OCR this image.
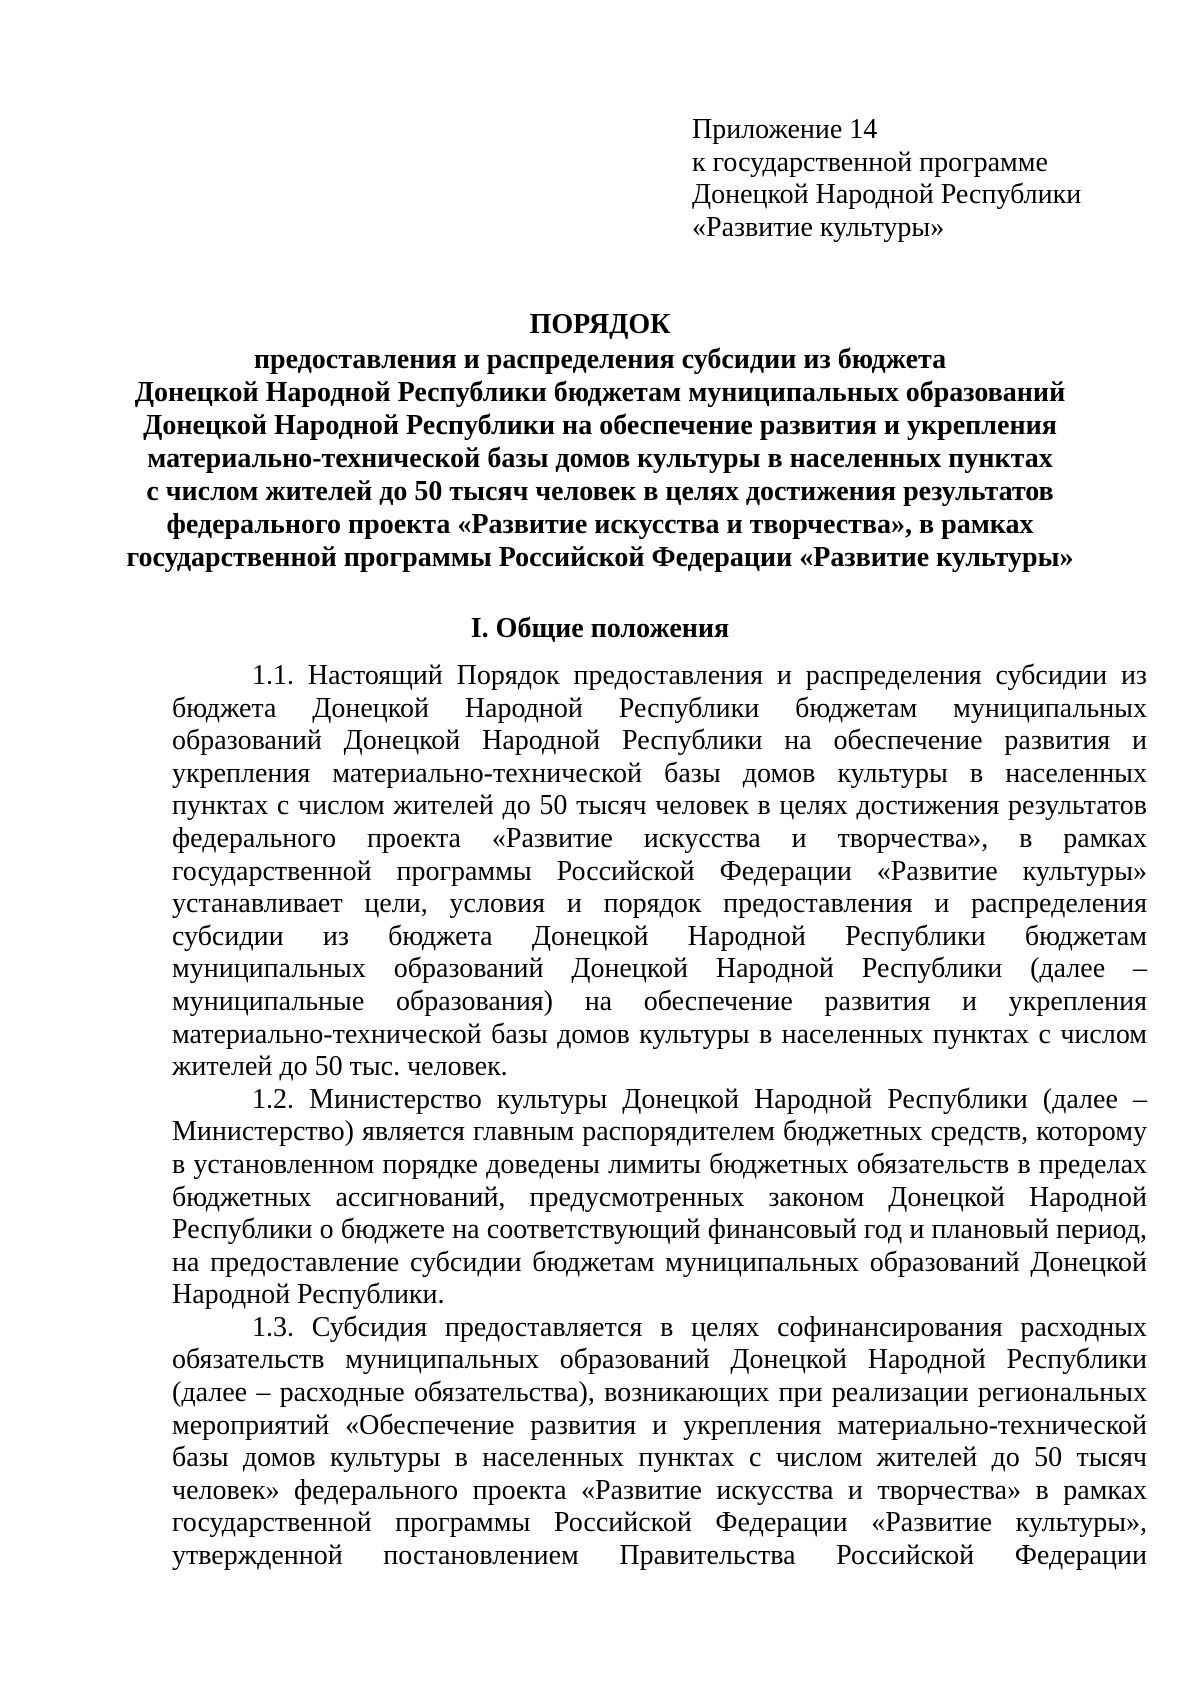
Приложение 14
к государственной программе
Донецкой Народной Республики
«Развитие культуры»
ПОРЯДОК
предоставления и распределения субсидии из бюджета
Донецкой Народной Республики бюджетам муниципальных образований
Донецкой Народной Республики на обеспечение развития и укрепления
материально-технической базы домов культуры в населенных пунктах
с числом жителей до 50 тысяч человек в целях достижения результатов
федерального проекта «Развитие искусства и творчества», в рамках
государственной программы Российской Федерации «Развитие культуры»
I. Общие положения

1.1. Настоящий Порядок предоставления и распределения субсидии из бюджета Донецкой Народной Республики бюджетам муниципальных образований Донецкой Народной Республики на обеспечение развития и укрепления материально-технической базы домов культуры в населенных пунктах с числом жителей до 50 тысяч человек в целях достижения результатов федерального проекта «Развитие искусства и творчества», в рамках государственной программы Российской Федерации «Развитие культуры» устанавливает цели, условия и порядок предоставления и распределения субсидии из бюджета Донецкой Народной Республики бюджетам муниципальных образований Донецкой Народной Республики (далее – муниципальные образования) на обеспечение развития и укрепления материально-технической базы домов культуры в населенных пунктах с числом жителей до 50 тыс. человек.

1.2. Министерство культуры Донецкой Народной Республики (далее – Министерство) является главным распорядителем бюджетных средств, которому в установленном порядке доведены лимиты бюджетных обязательств в пределах бюджетных ассигнований, предусмотренных законом Донецкой Народной Республики о бюджете на соответствующий финансовый год и плановый период, на предоставление субсидии бюджетам муниципальных образований Донецкой Народной Республики.

1.3. Субсидия предоставляется в целях софинансирования расходных обязательств муниципальных образований Донецкой Народной Республики (далее – расходные обязательства), возникающих при реализации региональных мероприятий «Обеспечение развития и укрепления материально-технической базы домов культуры в населенных пунктах с числом жителей до 50 тысяч человек» федерального проекта «Развитие искусства и творчества» в рамках государственной программы Российской Федерации «Развитие культуры», утвержденной постановлением Правительства Российской Федерации
